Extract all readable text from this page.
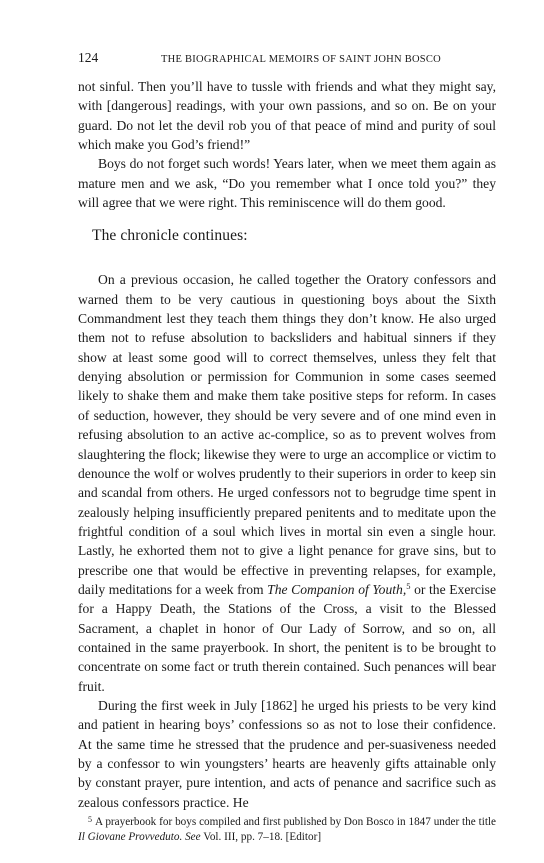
124	THE BIOGRAPHICAL MEMOIRS OF SAINT JOHN BOSCO

not sinful. Then you’ll have to tussle with friends and what they might say, with [dangerous] readings, with your own passions, and so on. Be on your guard. Do not let the devil rob you of that peace of mind and purity of soul which make you God’s friend!”

Boys do not forget such words! Years later, when we meet them again as mature men and we ask, “Do you remember what I once told you?” they will agree that we were right. This reminiscence will do them good.

The chronicle continues:

On a previous occasion, he called together the Oratory confessors and warned them to be very cautious in questioning boys about the Sixth Commandment lest they teach them things they don’t know. He also urged them not to refuse absolution to backsliders and habitual sinners if they show at least some good will to correct themselves, unless they felt that denying absolution or permission for Communion in some cases seemed likely to shake them and make them take positive steps for reform. In cases of seduction, however, they should be very severe and of one mind even in refusing absolution to an active ac-complice, so as to prevent wolves from slaughtering the flock; likewise they were to urge an accomplice or victim to denounce the wolf or wolves prudently to their superiors in order to keep sin and scandal from others. He urged confessors not to begrudge time spent in zealously helping insufficiently prepared penitents and to meditate upon the frightful condition of a soul which lives in mortal sin even a single hour. Lastly, he exhorted them not to give a light penance for grave sins, but to prescribe one that would be effective in preventing relapses, for example, daily meditations for a week from The Companion of Youth,$^5$ or the Exercise for a Happy Death, the Stations of the Cross, a visit to the Blessed Sacrament, a chaplet in honor of Our Lady of Sorrow, and so on, all contained in the same prayerbook. In short, the penitent is to be brought to concentrate on some fact or truth therein contained. Such penances will bear fruit.

During the first week in July [1862] he urged his priests to be very kind and patient in hearing boys’ confessions so as not to lose their confidence. At the same time he stressed that the prudence and per-suasiveness needed by a confessor to win youngsters’ hearts are heavenly gifts attainable only by constant prayer, pure intention, and acts of penance and sacrifice such as zealous confessors practice. He

$^5$ A prayerbook for boys compiled and first published by Don Bosco in 1847 under the title Il Giovane Provveduto. See Vol. III, pp. 7–18. [Editor]
